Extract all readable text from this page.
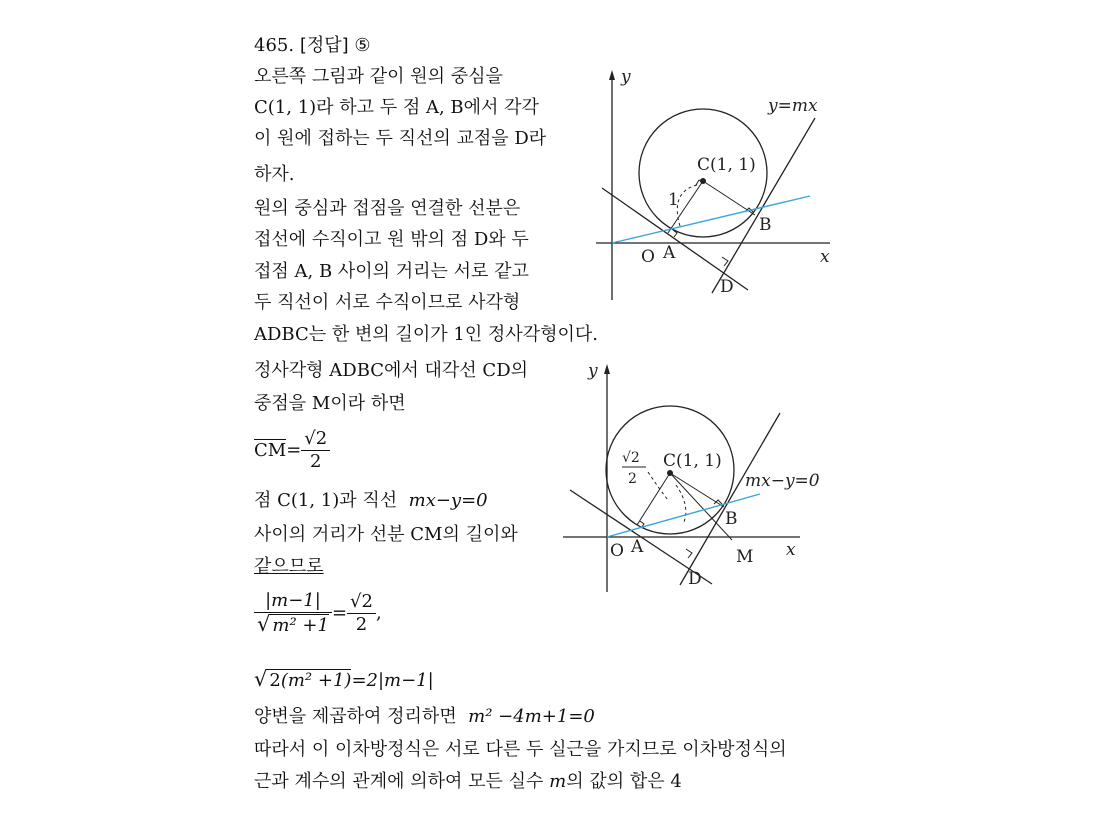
465. [정답] ⑤
오른쪽 그림과 같이 원의 중심을
C(1, 1)라 하고 두 점 A, B에서 각각
이 원에 접하는 두 직선의 교점을 D라
하자.
원의 중심과 접점을 연결한 선분은
접선에 수직이고 원 밖의 점 D와 두
접점 A, B 사이의 거리는 서로 같고
두 직선이 서로 수직이므로 사각형
ADBC는 한 변의 길이가 1인 정사각형이다.
정사각형 ADBC에서 대각선 CD의
중점을 M이라 하면
$CM= \frac{√2}{2}$
점 C(1, 1)과 직선 mx−y=0
사이의 거리가 선분 CM의 길이와
같으므로
$\frac{|m-1|}{\text{√ m² +1}} = \frac{√2}{2}$ ,
√ 2(m² +1)=2|m−1|
양변을 제곱하여 정리하면 m² −4m+1=0
따라서 이 이차방정식은 서로 다른 두 실근을 가지므로 이차방정식의
근과 계수의 관계에 의하여 모든 실수 m의 값의 합은 4
y
x
O A
B
C(1, 1)
D
1
y=mx
y
x
O A
B
C(1, 1)
D
M
mx−y=0
√2
2
